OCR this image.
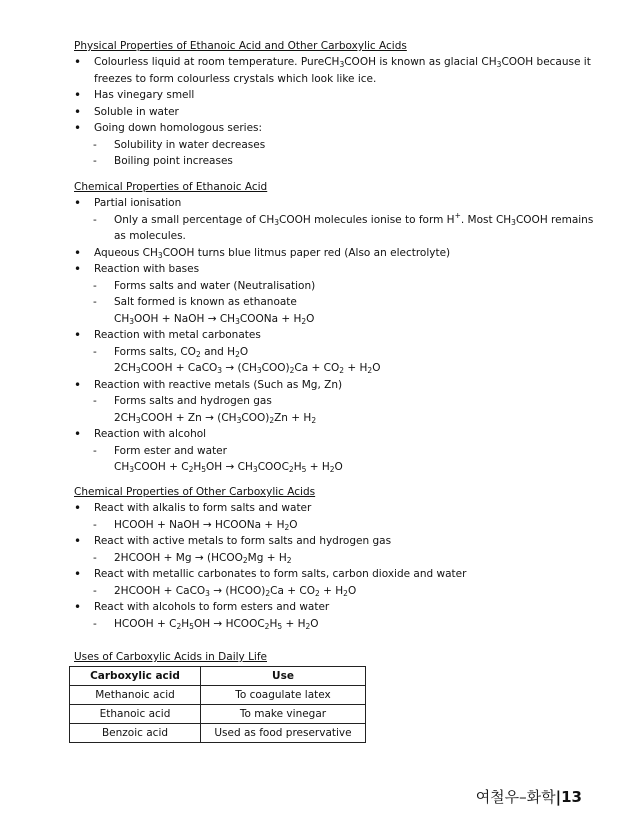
Physical Properties of Ethanoic Acid and Other Carboxylic Acids

• Colourless liquid at room temperature. PureCH$_3$COOH is known as glacial $CH_3COOH$ because it
freezes to form colourless crystals which look like ice.
• Has vinegary smell
• Soluble in water
• Going down homologous series:
- Solubility in water decreases
- Boiling point increases

Chemical Properties of Ethanoic Acid

• Partial ionisation
- Only a small percentage of $CH_3COOH$ molecules ionise to form H+. Most $CH_3COOH$ remains
as molecules.
• Aqueous $CH_3COOH$ turns blue litmus paper red (Also an electrolyte)
• Reaction with bases
- Forms salts and water (Neutralisation)
- Salt formed is known as ethanoate
$CH_3OOH$ + NaOH → $CH_3COONa + H_2O$
• Reaction with metal carbonates
- Forms salts, $CO_2$ and $H_2O$
$2CH_3COOH$ + CaCO$_3$ → $(CH_3COO)_2Ca + CO_2 + H_2O$
• Reaction with reactive metals (Such as Mg, Zn)
- Forms salts and hydrogen gas
$2CH_3COOH + Zn \to (CH_3COO)_2Zn + H_2$
• Reaction with alcohol
- Form ester and water
$CH_3COOH + C_2H_5OH$ → $CH_3COOC_2H_5 + H_2O$

Chemical Properties of Other Carboxylic Acids

• React with alkalis to form salts and water
- HCOOH + NaOH → HCOONa + $H_2O$
• React with active metals to form salts and hydrogen gas
- 2HCOOH + $Mg \to (HCOO_2Mg + H_2$
• React with metallic carbonates to form salts, carbon dioxide and water
- 2HCOOH + CaCO$_3$ → $(HCOO)_2Ca + CO_2 + H_2O$
• React with alcohols to form esters and water
- HCOOH + $C_2H_5OH$ → $HCOOC_2H_5 + H_2O$

Uses of Carboxylic Acids in Daily Life

Carboxylic acid	Use
Methanoic acid	To coagulate latex
Ethanoic acid	To make vinegar
Benzoic acid	Used as food preservative
여철우–화학|13
